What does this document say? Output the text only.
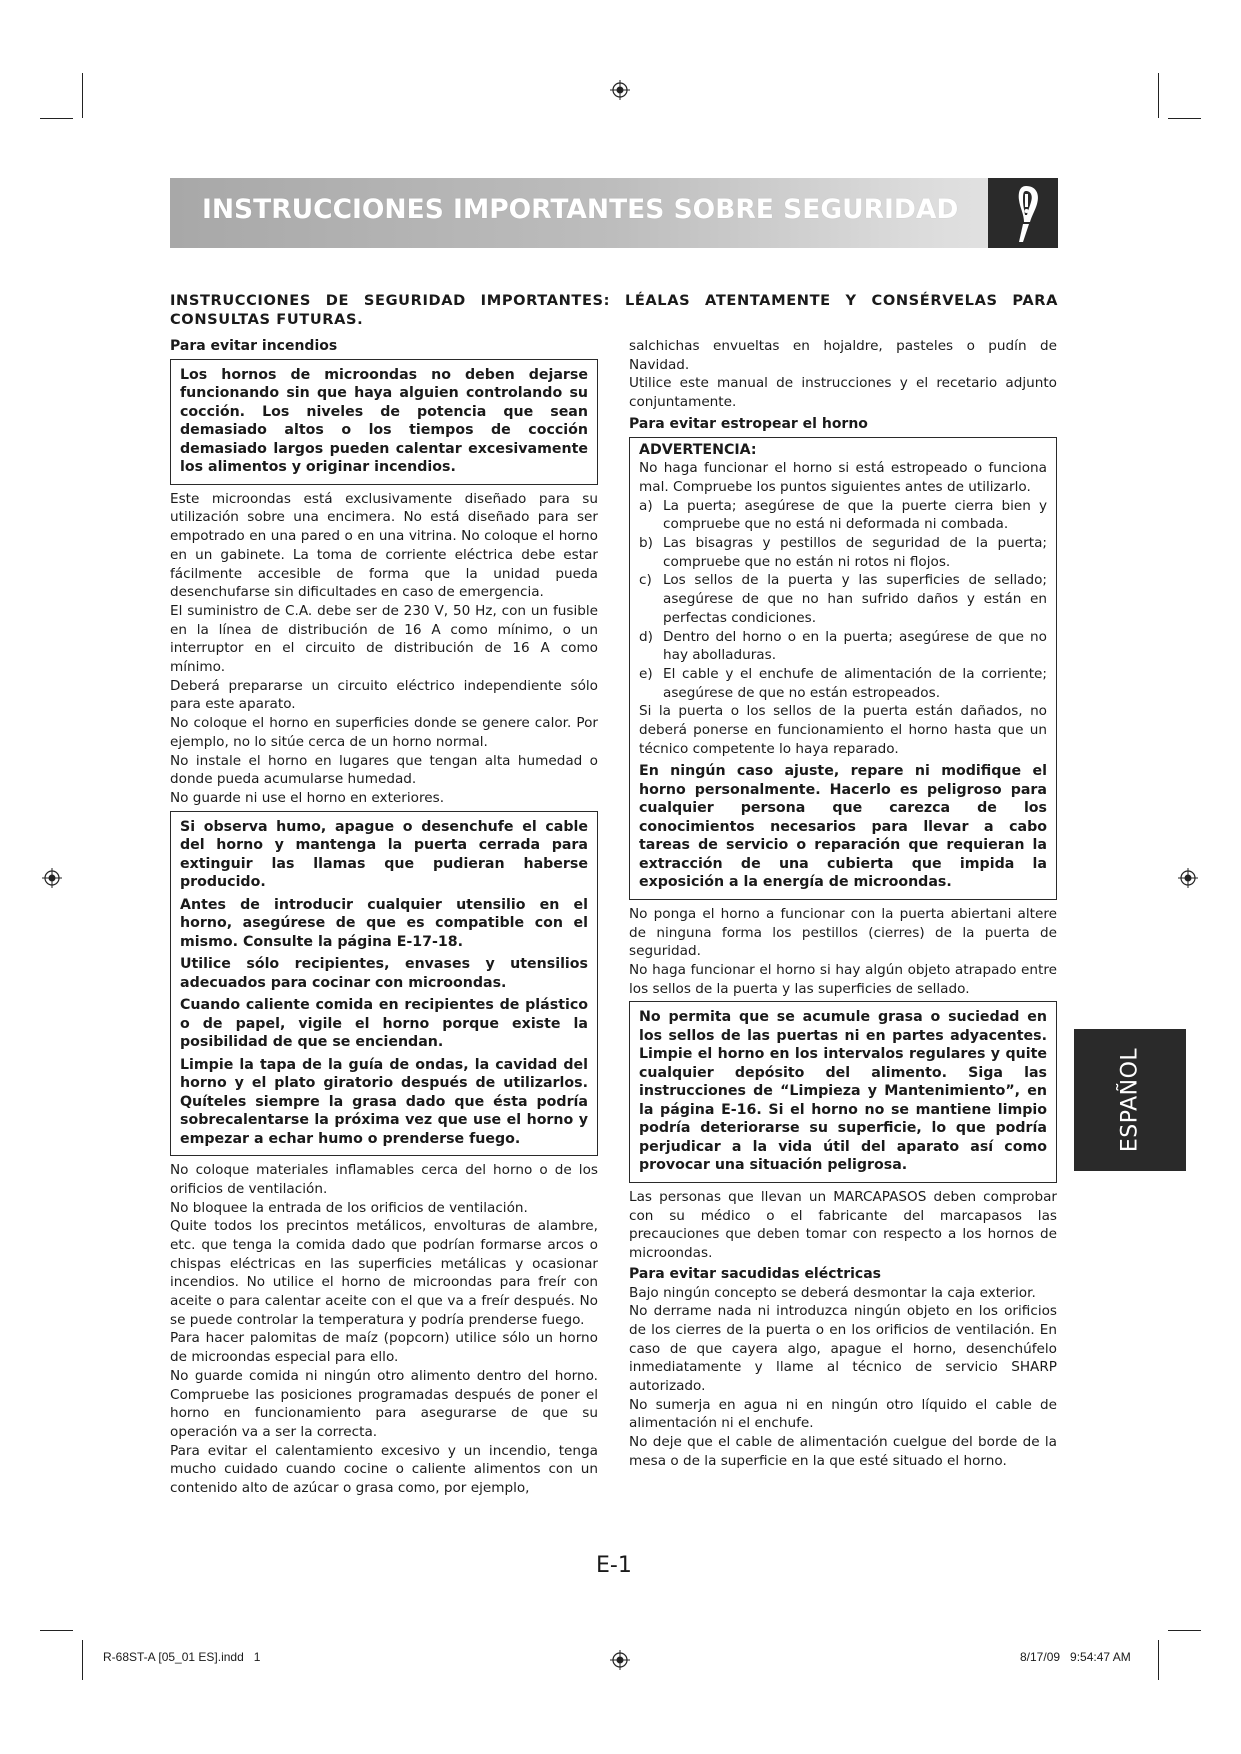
INSTRUCCIONES IMPORTANTES SOBRE SEGURIDAD
INSTRUCCIONES DE SEGURIDAD IMPORTANTES: LÉALAS ATENTAMENTE Y CONSÉRVELAS PARA CONSULTAS FUTURAS.
Para evitar incendios
Los hornos de microondas no deben dejarse funcionando sin que haya alguien controlando su cocción. Los niveles de potencia que sean demasiado altos o los tiempos de cocción demasiado largos pueden calentar excesivamente los alimentos y originar incendios.
Este microondas está exclusivamente diseñado para su utilización sobre una encimera. No está diseñado para ser empotrado en una pared o en una vitrina. No coloque el horno en un gabinete. La toma de corriente eléctrica debe estar fácilmente accesible de forma que la unidad pueda desenchufarse sin dificultades en caso de emergencia.
El suministro de C.A. debe ser de 230 V, 50 Hz, con un fusible en la línea de distribución de 16 A como mínimo, o un interruptor en el circuito de distribución de 16 A como mínimo.
Deberá prepararse un circuito eléctrico independiente sólo para este aparato.
No coloque el horno en superficies donde se genere calor. Por ejemplo, no lo sitúe cerca de un horno normal.
No instale el horno en lugares que tengan alta humedad o donde pueda acumularse humedad.
No guarde ni use el horno en exteriores.
Si observa humo, apague o desenchufe el cable del horno y mantenga la puerta cerrada para extinguir las llamas que pudieran haberse producido.
Antes de introducir cualquier utensilio en el horno, asegúrese de que es compatible con el mismo. Consulte la página E-17-18.
Utilice sólo recipientes, envases y utensilios adecuados para cocinar con microondas.
Cuando caliente comida en recipientes de plástico o de papel, vigile el horno porque existe la posibilidad de que se enciendan.
Limpie la tapa de la guía de ondas, la cavidad del horno y el plato giratorio después de utilizarlos. Quíteles siempre la grasa dado que ésta podría sobrecalentarse la próxima vez que use el horno y empezar a echar humo o prenderse fuego.
No coloque materiales inflamables cerca del horno o de los orificios de ventilación.
No bloquee la entrada de los orificios de ventilación.
Quite todos los precintos metálicos, envolturas de alambre, etc. que tenga la comida dado que podrían formarse arcos o chispas eléctricas en las superficies metálicas y ocasionar incendios. No utilice el horno de microondas para freír con aceite o para calentar aceite con el que va a freír después. No se puede controlar la temperatura y podría prenderse fuego.
Para hacer palomitas de maíz (popcorn) utilice sólo un horno de microondas especial para ello.
No guarde comida ni ningún otro alimento dentro del horno. Compruebe las posiciones programadas después de poner el horno en funcionamiento para asegurarse de que su operación va a ser la correcta.
Para evitar el calentamiento excesivo y un incendio, tenga mucho cuidado cuando cocine o caliente alimentos con un contenido alto de azúcar o grasa como, por ejemplo,
salchichas envueltas en hojaldre, pasteles o pudín de Navidad.
Utilice este manual de instrucciones y el recetario adjunto conjuntamente.
Para evitar estropear el horno
ADVERTENCIA:
No haga funcionar el horno si está estropeado o funciona mal. Compruebe los puntos siguientes antes de utilizarlo.
a) La puerta; asegúrese de que la puerte cierra bien y compruebe que no está ni deformada ni combada.
b) Las bisagras y pestillos de seguridad de la puerta; compruebe que no están ni rotos ni flojos.
c) Los sellos de la puerta y las superficies de sellado; asegúrese de que no han sufrido daños y están en perfectas condiciones.
d) Dentro del horno o en la puerta; asegúrese de que no hay abolladuras.
e) El cable y el enchufe de alimentación de la corriente; asegúrese de que no están estropeados.
Si la puerta o los sellos de la puerta están dañados, no deberá ponerse en funcionamiento el horno hasta que un técnico competente lo haya reparado.
En ningún caso ajuste, repare ni modifique el horno personalmente. Hacerlo es peligroso para cualquier persona que carezca de los conocimientos necesarios para llevar a cabo tareas de servicio o reparación que requieran la extracción de una cubierta que impida la exposición a la energía de microondas.
No ponga el horno a funcionar con la puerta abiertani altere de ninguna forma los pestillos (cierres) de la puerta de seguridad.
No haga funcionar el horno si hay algún objeto atrapado entre los sellos de la puerta y las superficies de sellado.
No permita que se acumule grasa o suciedad en los sellos de las puertas ni en partes adyacentes. Limpie el horno en los intervalos regulares y quite cualquier depósito del alimento. Siga las instrucciones de “Limpieza y Mantenimiento”, en la página E-16. Si el horno no se mantiene limpio podría deteriorarse su superficie, lo que podría perjudicar a la vida útil del aparato así como provocar una situación peligrosa.
Las personas que llevan un MARCAPASOS deben comprobar con su médico o el fabricante del marcapasos las precauciones que deben tomar con respecto a los hornos de microondas.
Para evitar sacudidas eléctricas
Bajo ningún concepto se deberá desmontar la caja exterior.
No derrame nada ni introduzca ningún objeto en los orificios de los cierres de la puerta o en los orificios de ventilación. En caso de que cayera algo, apague el horno, desenchúfelo inmediatamente y llame al técnico de servicio SHARP autorizado.
No sumerja en agua ni en ningún otro líquido el cable de alimentación ni el enchufe.
No deje que el cable de alimentación cuelgue del borde de la mesa o de la superficie en la que esté situado el horno.
ESPAÑOL
E-1
R-68ST-A [05_01 ES].indd   1	8/17/09   9:54:47 AM
